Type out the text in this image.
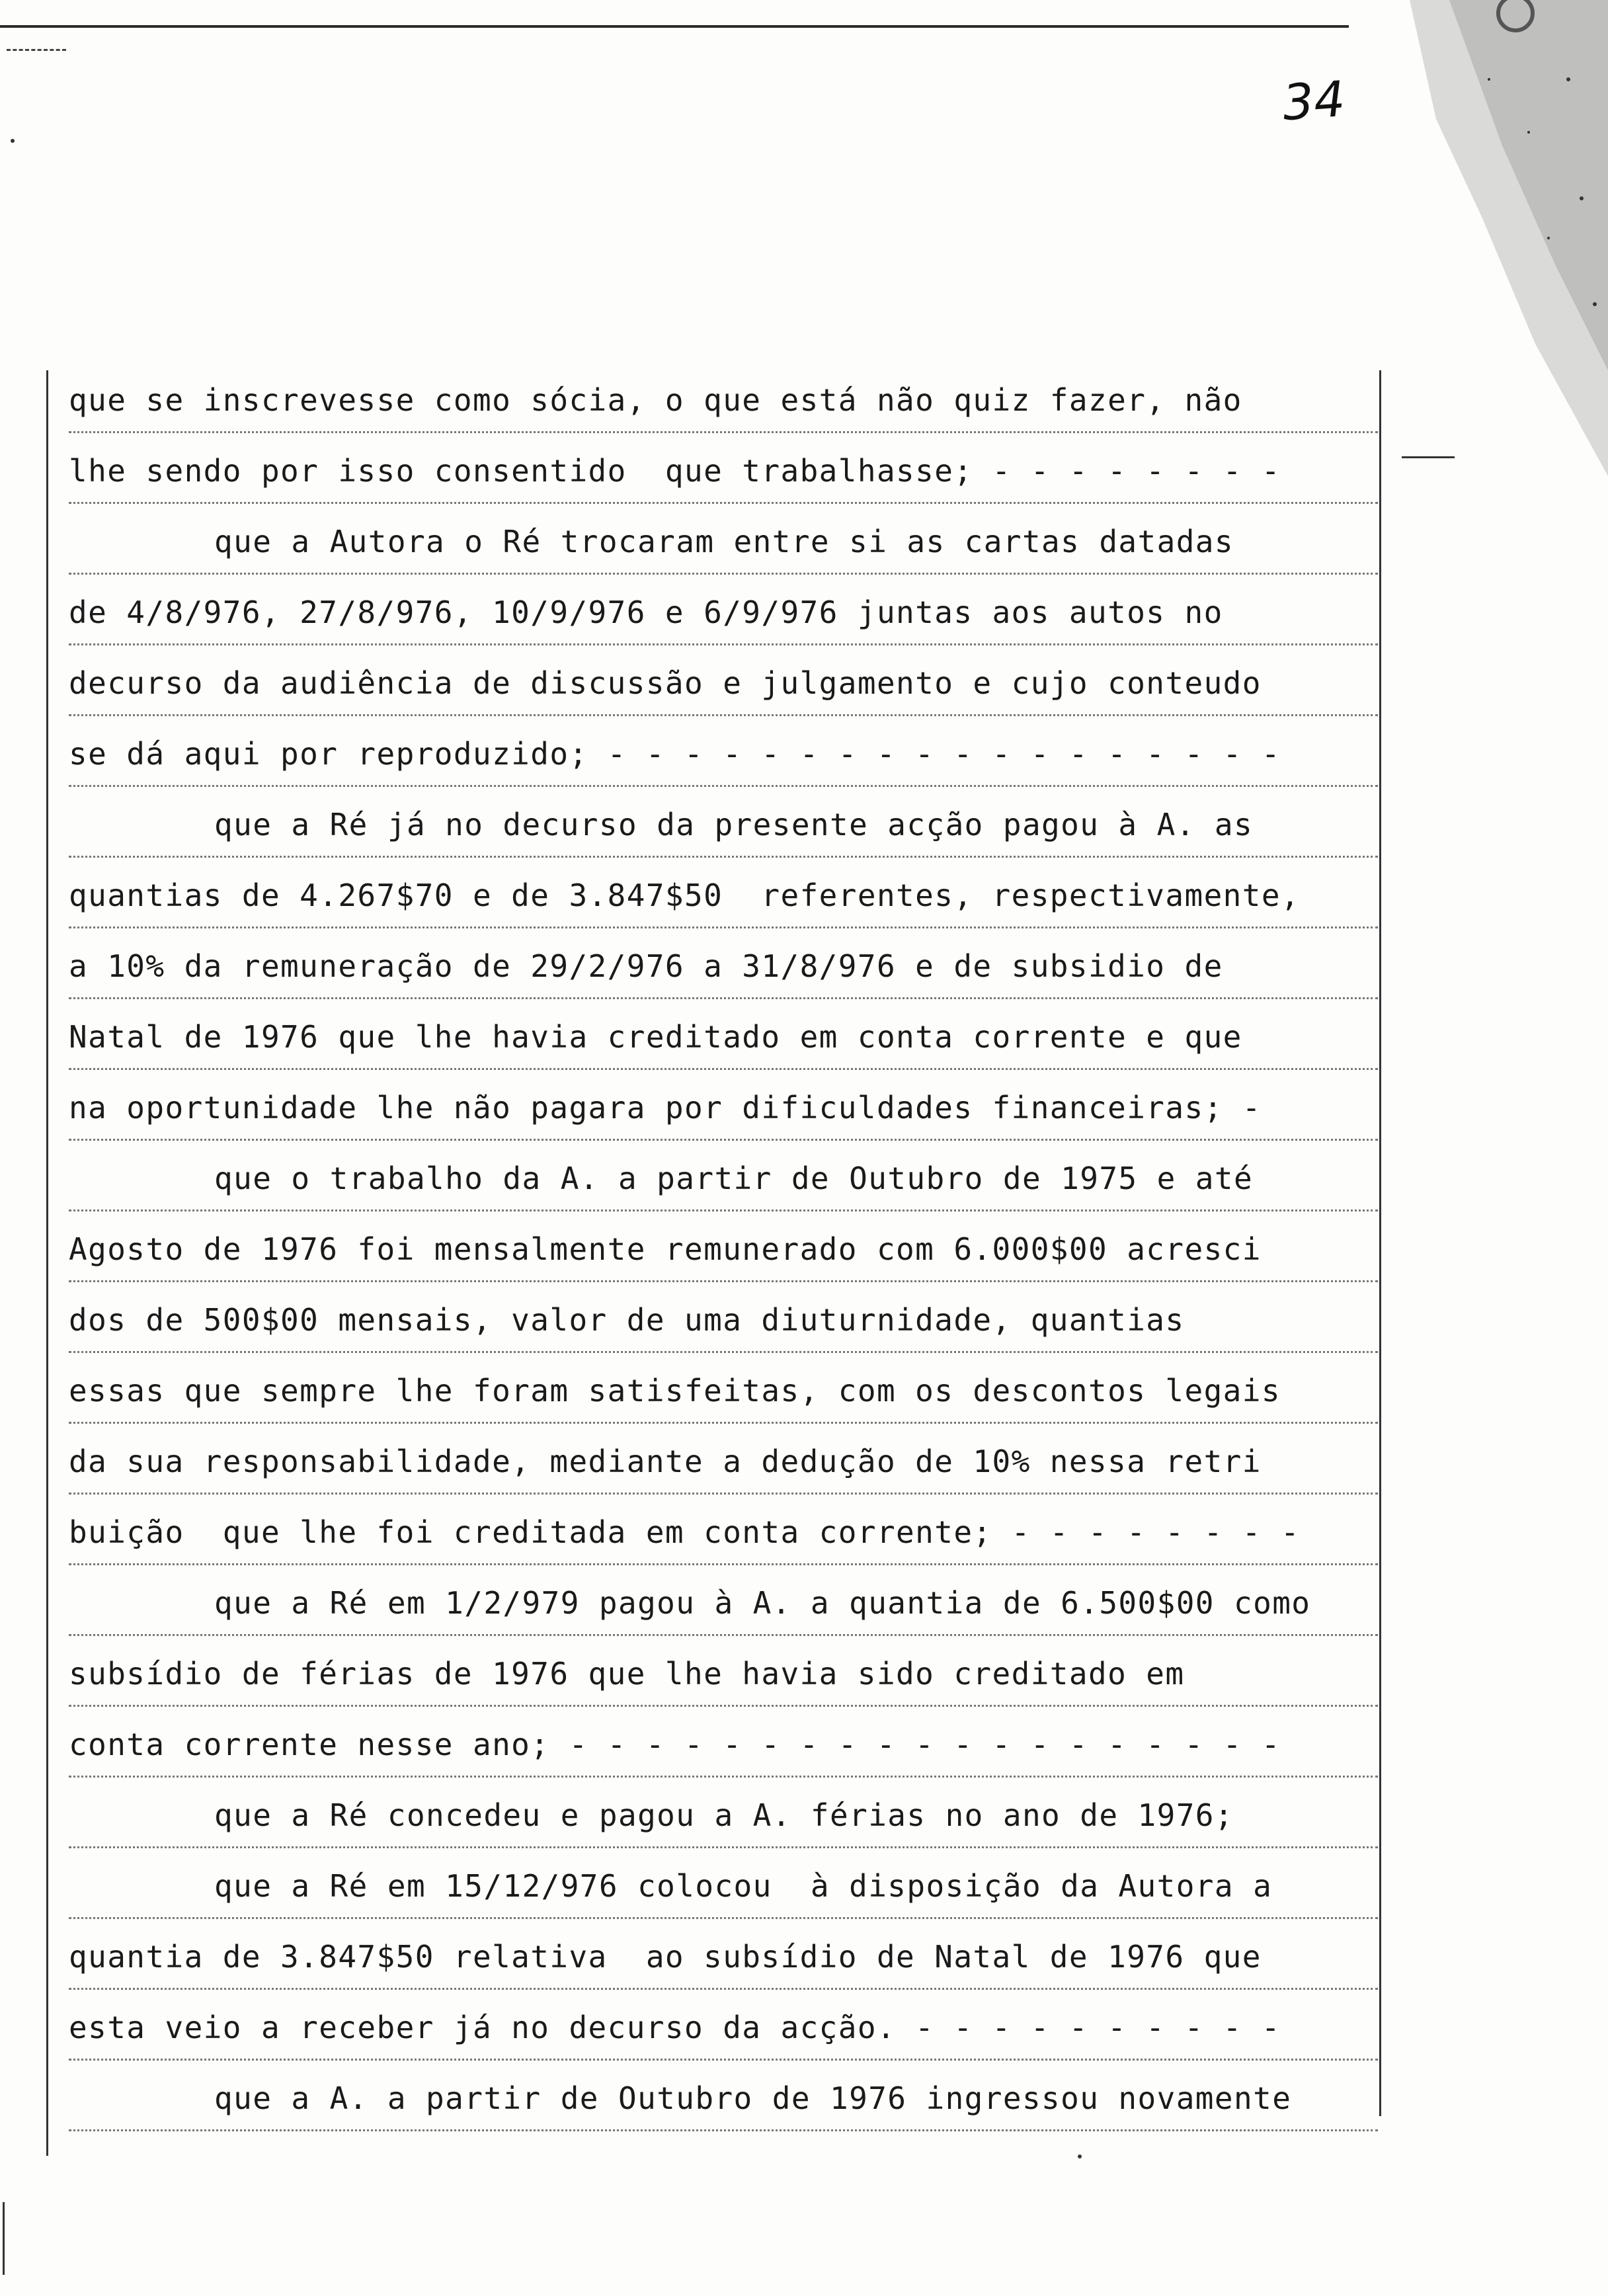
34
que se inscrevesse como sócia, o que está não quiz fazer, não
lhe sendo por isso consentido  que trabalhasse; - - - - - - - -
que a Autora o Ré trocaram entre si as cartas datadas
de 4/8/976, 27/8/976, 10/9/976 e 6/9/976 juntas aos autos no
decurso da audiência de discussão e julgamento e cujo conteudo
se dá aqui por reproduzido; - - - - - - - - - - - - - - - - - -
que a Ré já no decurso da presente acção pagou à A. as
quantias de 4.267$70 e de 3.847$50  referentes, respectivamente,
a 10% da remuneração de 29/2/976 a 31/8/976 e de subsidio de
Natal de 1976 que lhe havia creditado em conta corrente e que
na oportunidade lhe não pagara por dificuldades financeiras; -
que o trabalho da A. a partir de Outubro de 1975 e até
Agosto de 1976 foi mensalmente remunerado com 6.000$00 acresci
dos de 500$00 mensais, valor de uma diuturnidade, quantias
essas que sempre lhe foram satisfeitas, com os descontos legais
da sua responsabilidade, mediante a dedução de 10% nessa retri
buição  que lhe foi creditada em conta corrente; - - - - - - - -
que a Ré em 1/2/979 pagou à A. a quantia de 6.500$00 como
subsídio de férias de 1976 que lhe havia sido creditado em
conta corrente nesse ano; - - - - - - - - - - - - - - - - - - -
que a Ré concedeu e pagou a A. férias no ano de 1976;
que a Ré em 15/12/976 colocou  à disposição da Autora a
quantia de 3.847$50 relativa  ao subsídio de Natal de 1976 que
esta veio a receber já no decurso da acção. - - - - - - - - - -
que a A. a partir de Outubro de 1976 ingressou novamente
